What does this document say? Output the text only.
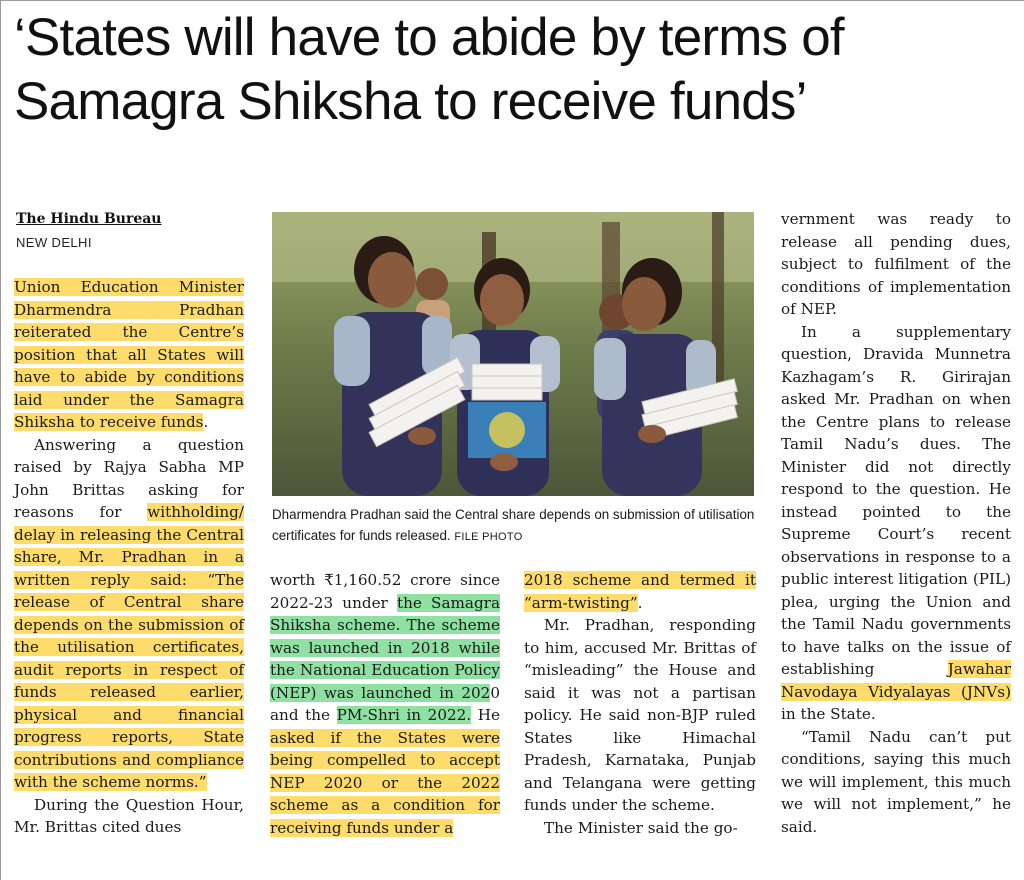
‘States will have to abide by terms of Samagra Shiksha to receive funds’
The Hindu Bureau
NEW DELHI

Union Education Minister Dharmendra Pradhan reiterated the Centre’s position that all States will have to abide by conditions laid under the Samagra Shiksha to receive funds.

Answering a question raised by Rajya Sabha MP John Brittas asking for reasons for withholding/ delay in releasing the Central share, Mr. Pradhan in a written reply said: “The release of Central share depends on the submission of the utilisation certificates, audit reports in respect of funds released earlier, physical and financial progress reports, State contributions and compliance with the scheme norms.”

During the Question Hour, Mr. Brittas cited dues

Dharmendra Pradhan said the Central share depends on submission of utilisation certificates for funds released. FILE PHOTO

worth ₹1,160.52 crore since 2022-23 under the Samagra Shiksha scheme. The scheme was launched in 2018 while the National Education Policy (NEP) was launched in 2020 and the PM-Shri in 2022. He asked if the States were being compelled to accept NEP 2020 or the 2022 scheme as a condition for receiving funds under a

2018 scheme and termed it “arm-twisting”.

Mr. Pradhan, responding to him, accused Mr. Brittas of “misleading” the House and said it was not a partisan policy. He said non-BJP ruled States like Himachal Pradesh, Karnataka, Punjab and Telangana were getting funds under the scheme.

The Minister said the go-

vernment was ready to release all pending dues, subject to fulfilment of the conditions of implementation of NEP.

In a supplementary question, Dravida Munnetra Kazhagam’s R. Girirajan asked Mr. Pradhan on when the Centre plans to release Tamil Nadu’s dues. The Minister did not directly respond to the question. He instead pointed to the Supreme Court’s recent observations in response to a public interest litigation (PIL) plea, urging the Union and the Tamil Nadu governments to have talks on the issue of establishing Jawahar Navodaya Vidyalayas (JNVs) in the State.

“Tamil Nadu can’t put conditions, saying this much we will implement, this much we will not implement,” he said.
